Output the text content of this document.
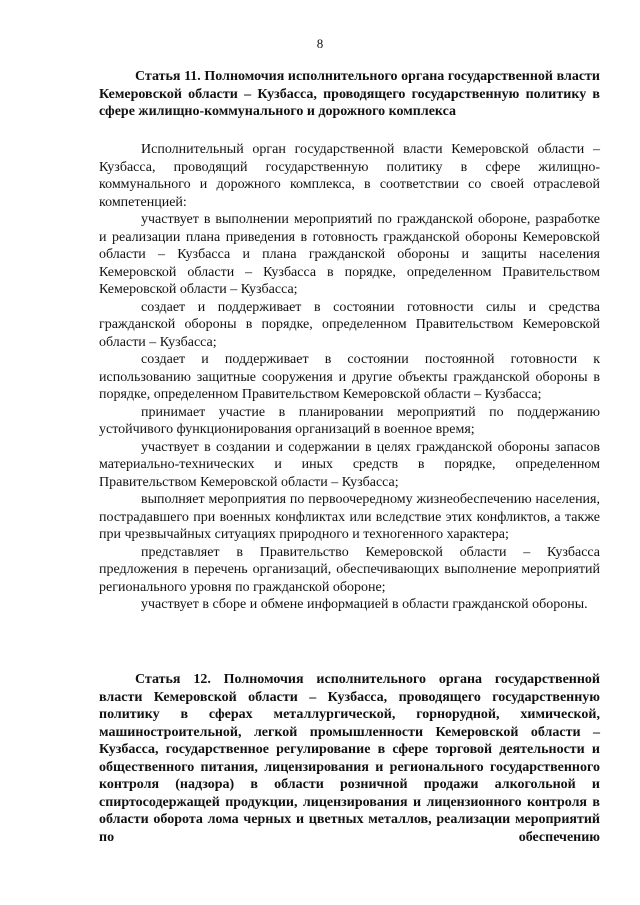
8

Статья 11. Полномочия исполнительного органа государственной власти Кемеровской области – Кузбасса, проводящего государственную политику в сфере жилищно-коммунального и дорожного комплекса

Исполнительный орган государственной власти Кемеровской области – Кузбасса, проводящий государственную политику в сфере жилищно-коммунального и дорожного комплекса, в соответствии со своей отраслевой компетенцией:

участвует в выполнении мероприятий по гражданской обороне, разработке и реализации плана приведения в готовность гражданской обороны Кемеровской области – Кузбасса и плана гражданской обороны и защиты населения Кемеровской области – Кузбасса в порядке, определенном Правительством Кемеровской области – Кузбасса;

создает и поддерживает в состоянии готовности силы и средства гражданской обороны в порядке, определенном Правительством Кемеровской области – Кузбасса;

создает и поддерживает в состоянии постоянной готовности к использованию защитные сооружения и другие объекты гражданской обороны в порядке, определенном Правительством Кемеровской области – Кузбасса;

принимает участие в планировании мероприятий по поддержанию устойчивого функционирования организаций в военное время;

участвует в создании и содержании в целях гражданской обороны запасов материально-технических и иных средств в порядке, определенном Правительством Кемеровской области – Кузбасса;

выполняет мероприятия по первоочередному жизнеобеспечению населения, пострадавшего при военных конфликтах или вследствие этих конфликтов, а также при чрезвычайных ситуациях природного и техногенного характера;

представляет в Правительство Кемеровской области – Кузбасса предложения в перечень организаций, обеспечивающих выполнение мероприятий регионального уровня по гражданской обороне;

участвует в сборе и обмене информацией в области гражданской обороны.

Статья 12. Полномочия исполнительного органа государственной власти Кемеровской области – Кузбасса, проводящего государственную политику в сферах металлургической, горнорудной, химической, машиностроительной, легкой промышленности Кемеровской области – Кузбасса, государственное регулирование в сфере торговой деятельности и общественного питания, лицензирования и регионального государственного контроля (надзора) в области розничной продажи алкогольной и спиртосодержащей продукции, лицензирования и лицензионного контроля в области оборота лома черных и цветных металлов, реализации мероприятий по обеспечению
